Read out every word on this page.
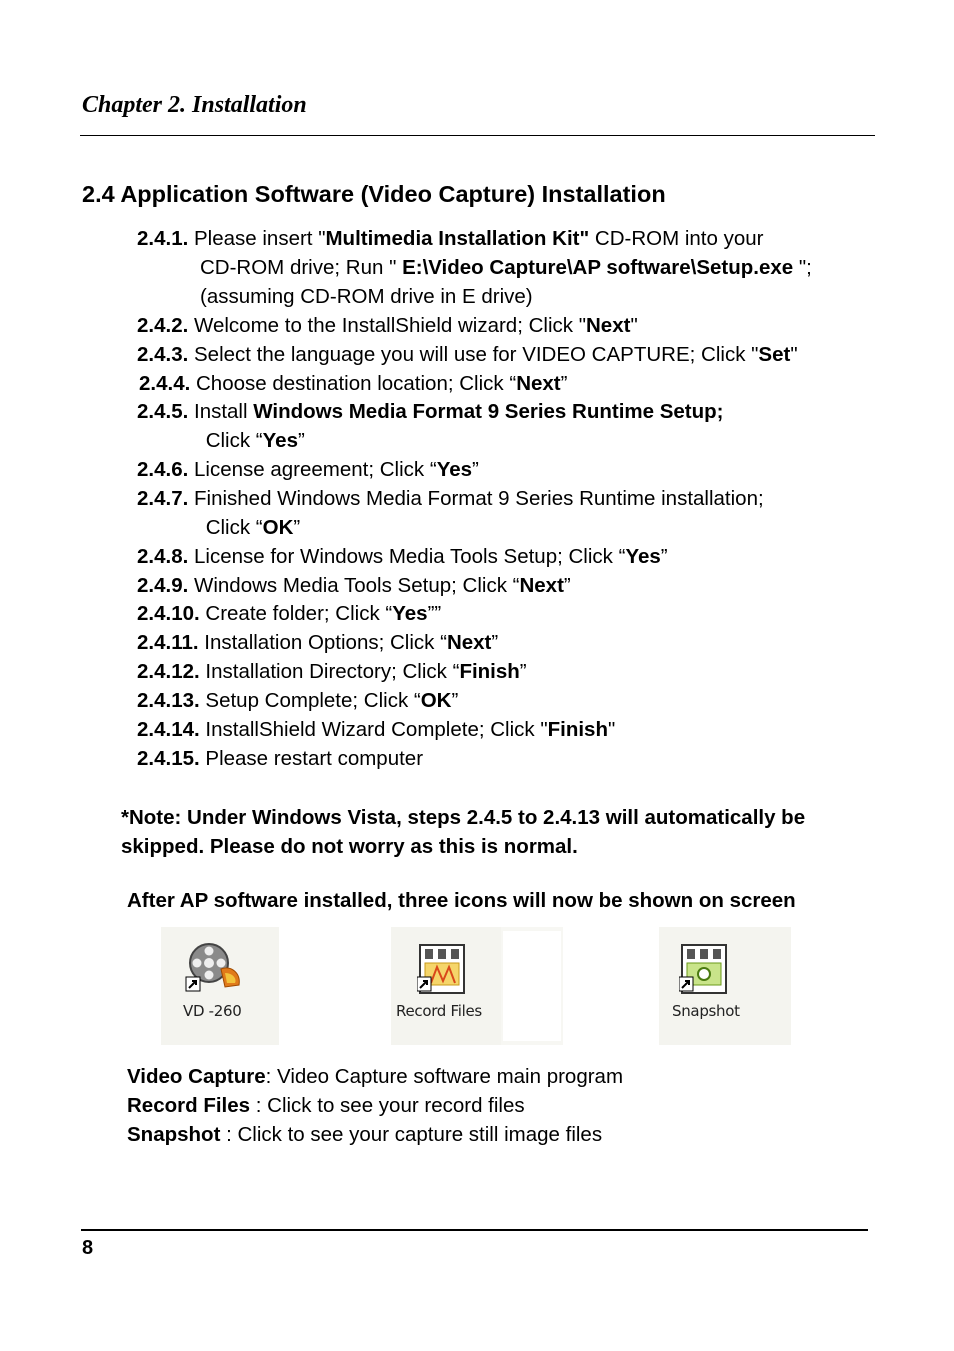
Chapter 2. Installation
2.4 Application Software (Video Capture) Installation
2.4.1. Please insert "Multimedia Installation Kit" CD-ROM into your
CD-ROM drive; Run " E:\Video Capture\AP software\Setup.exe ";
(assuming CD-ROM drive in E drive)
2.4.2. Welcome to the InstallShield wizard; Click "Next"
2.4.3. Select the language you will use for VIDEO CAPTURE; Click "Set"
2.4.4. Choose destination location; Click “Next”
2.4.5. Install Windows Media Format 9 Series Runtime Setup;
Click “Yes”
2.4.6. License agreement; Click “Yes”
2.4.7. Finished Windows Media Format 9 Series Runtime installation;
Click “OK”
2.4.8. License for Windows Media Tools Setup; Click “Yes”
2.4.9. Windows Media Tools Setup; Click “Next”
2.4.10. Create folder; Click “Yes””
2.4.11. Installation Options; Click “Next”
2.4.12. Installation Directory; Click “Finish”
2.4.13. Setup Complete; Click “OK”
2.4.14. InstallShield Wizard Complete; Click "Finish"
2.4.15. Please restart computer
*Note: Under Windows Vista, steps 2.4.5 to 2.4.13 will automatically be skipped. Please do not worry as this is normal.
After AP software installed, three icons will now be shown on screen
VD -260	Record Files	Snapshot
Video Capture: Video Capture software main program
Record Files : Click to see your record files
Snapshot : Click to see your capture still image files
8
